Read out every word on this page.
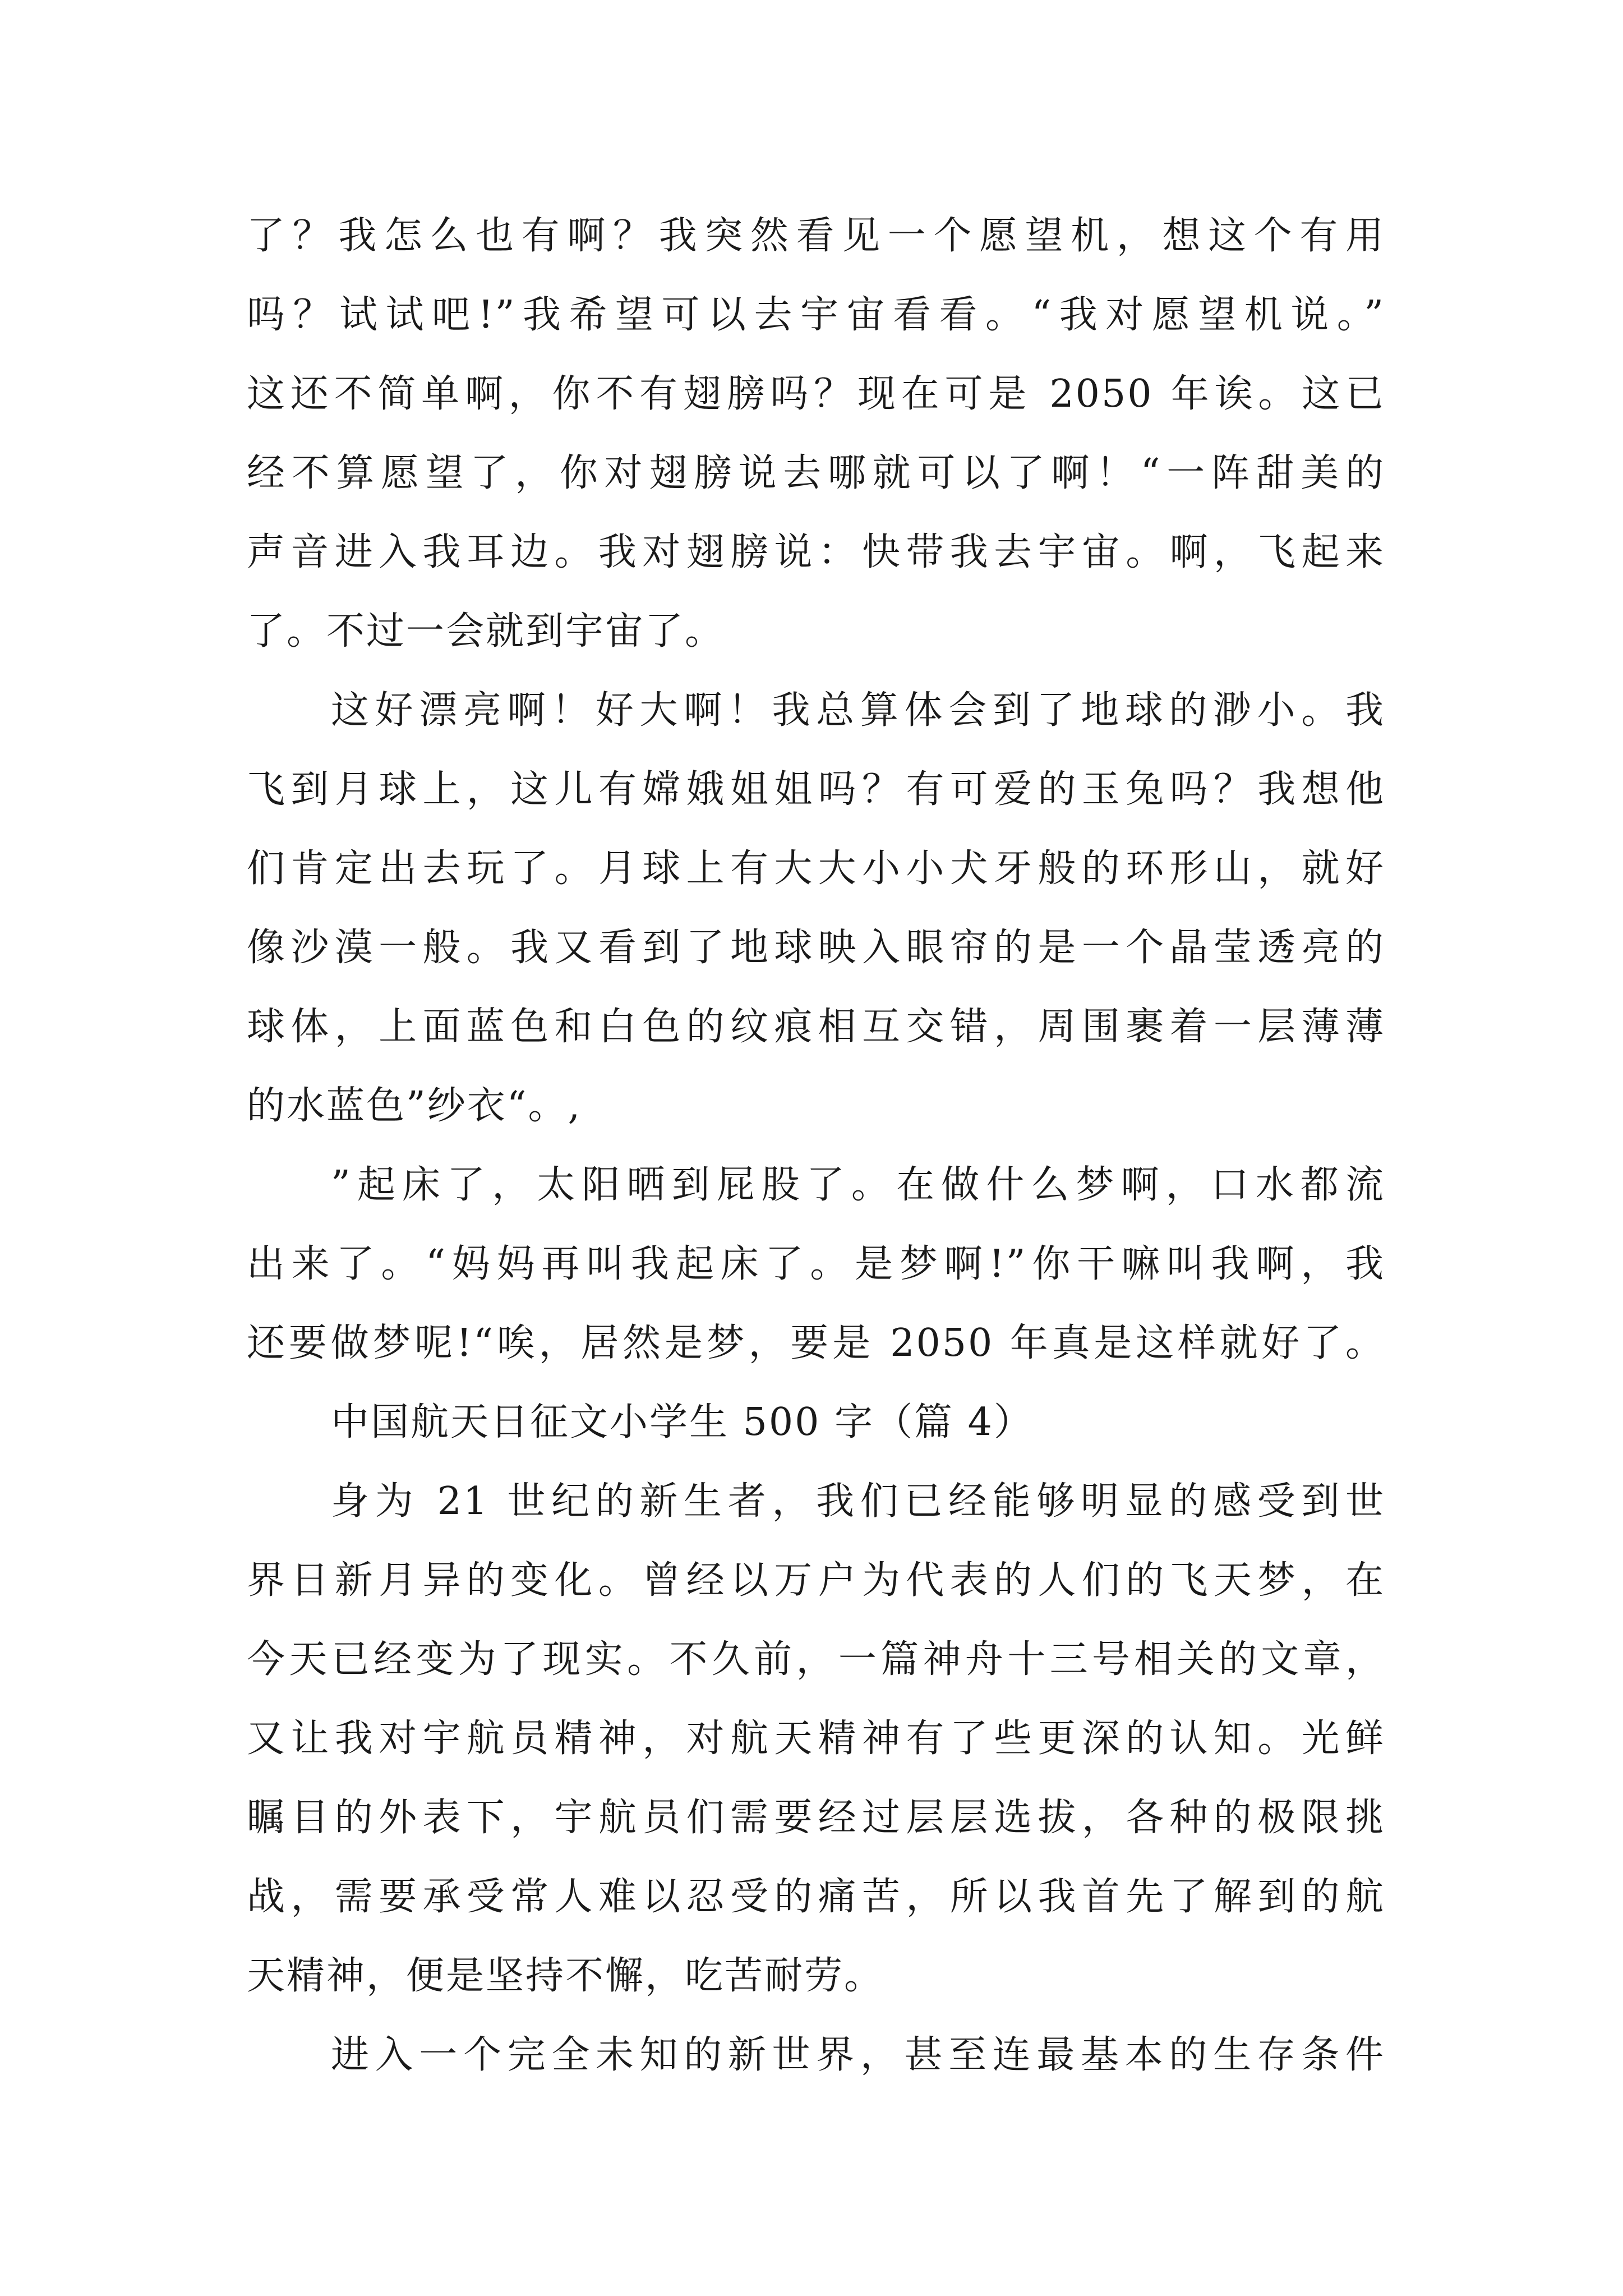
了？我怎么也有啊？我突然看见一个愿望机，想这个有用
吗？试试吧!”我希望可以去宇宙看看。“我对愿望机说。”
这还不简单啊，你不有翅膀吗？现在可是 2050 年诶。这已
经不算愿望了，你对翅膀说去哪就可以了啊！“一阵甜美的
声音进入我耳边。我对翅膀说：快带我去宇宙。啊，飞起来
了。不过一会就到宇宙了。
这好漂亮啊！好大啊！我总算体会到了地球的渺小。我
飞到月球上，这儿有嫦娥姐姐吗？有可爱的玉兔吗？我想他
们肯定出去玩了。月球上有大大小小犬牙般的环形山，就好
像沙漠一般。我又看到了地球映入眼帘的是一个晶莹透亮的
球体，上面蓝色和白色的纹痕相互交错，周围裹着一层薄薄
的水蓝色”纱衣“。,
”起床了，太阳晒到屁股了。在做什么梦啊，口水都流
出来了。“妈妈再叫我起床了。是梦啊!”你干嘛叫我啊，我
还要做梦呢!“唉，居然是梦，要是 2050 年真是这样就好了。
中国航天日征文小学生 500 字（篇 4）
身为 21 世纪的新生者，我们已经能够明显的感受到世
界日新月异的变化。曾经以万户为代表的人们的飞天梦，在
今天已经变为了现实。不久前，一篇神舟十三号相关的文章，
又让我对宇航员精神，对航天精神有了些更深的认知。光鲜
瞩目的外表下，宇航员们需要经过层层选拔，各种的极限挑
战，需要承受常人难以忍受的痛苦，所以我首先了解到的航
天精神，便是坚持不懈，吃苦耐劳。
进入一个完全未知的新世界，甚至连最基本的生存条件
